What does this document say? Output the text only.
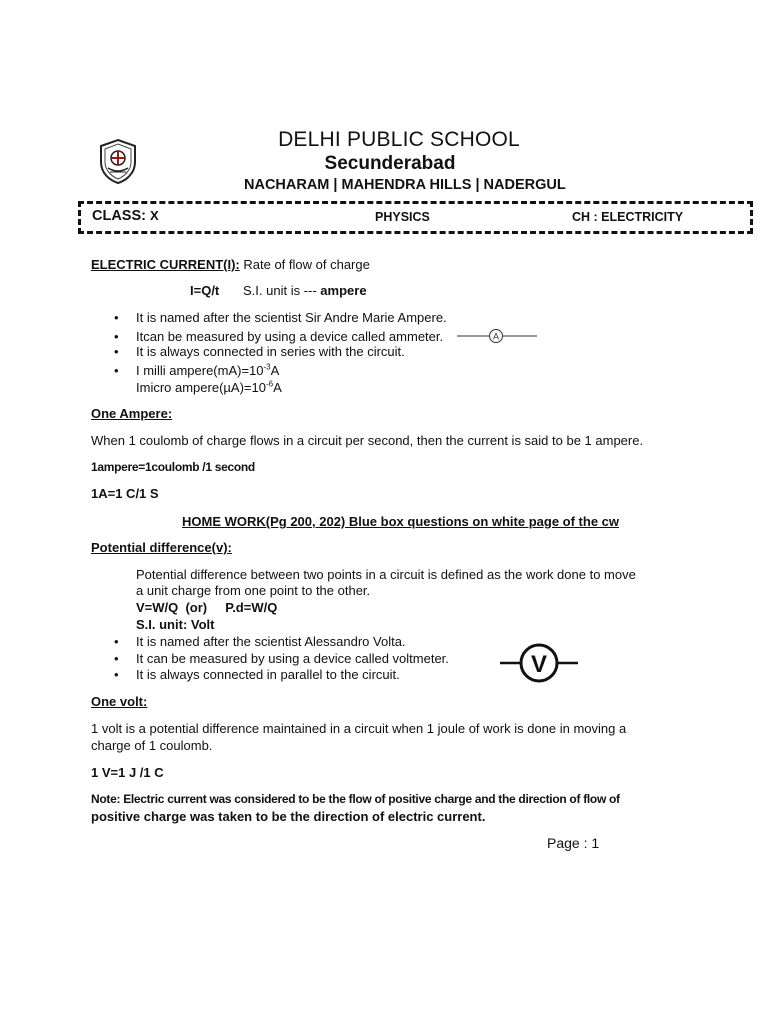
DELHI PUBLIC SCHOOL
Secunderabad
NACHARAM | MAHENDRA HILLS | NADERGUL
CLASS: X	PHYSICS	CH : ELECTRICITY
ELECTRIC CURRENT(I): Rate of flow of charge
I=Q/t S.I. unit is --- ampere
• It is named after the scientist Sir Andre Marie Ampere.
• Itcan be measured by using a device called ammeter.
• It is always connected in series with the circuit.
• I milli $ampere(mA)=10^{-3}A$
Imicro $ampere(\mu A)=10^{-6}A$
A
One Ampere:
When 1 coulomb of charge flows in a circuit per second, then the current is said to be 1 ampere.
1ampere=1coulomb /1 second
1A=1 C/1 S
HOME WORK(Pg 200, 202) Blue box questions on white page of the cw
Potential difference(v):
Potential difference between two points in a circuit is defined as the work done to move
a unit charge from one point to the other.
V=W/Q  (or)     P.d=W/Q
S.I. unit: Volt
• It is named after the scientist Alessandro Volta.
• It can be measured by using a device called voltmeter.
• It is always connected in parallel to the circuit.	V
One volt:
1 volt is a potential difference maintained in a circuit when 1 joule of work is done in moving a
charge of 1 coulomb.
1 V=1 J /1 C
Note: Electric current was considered to be the flow of positive charge and the direction of flow of
positive charge was taken to be the direction of electric current.
Page : 1
